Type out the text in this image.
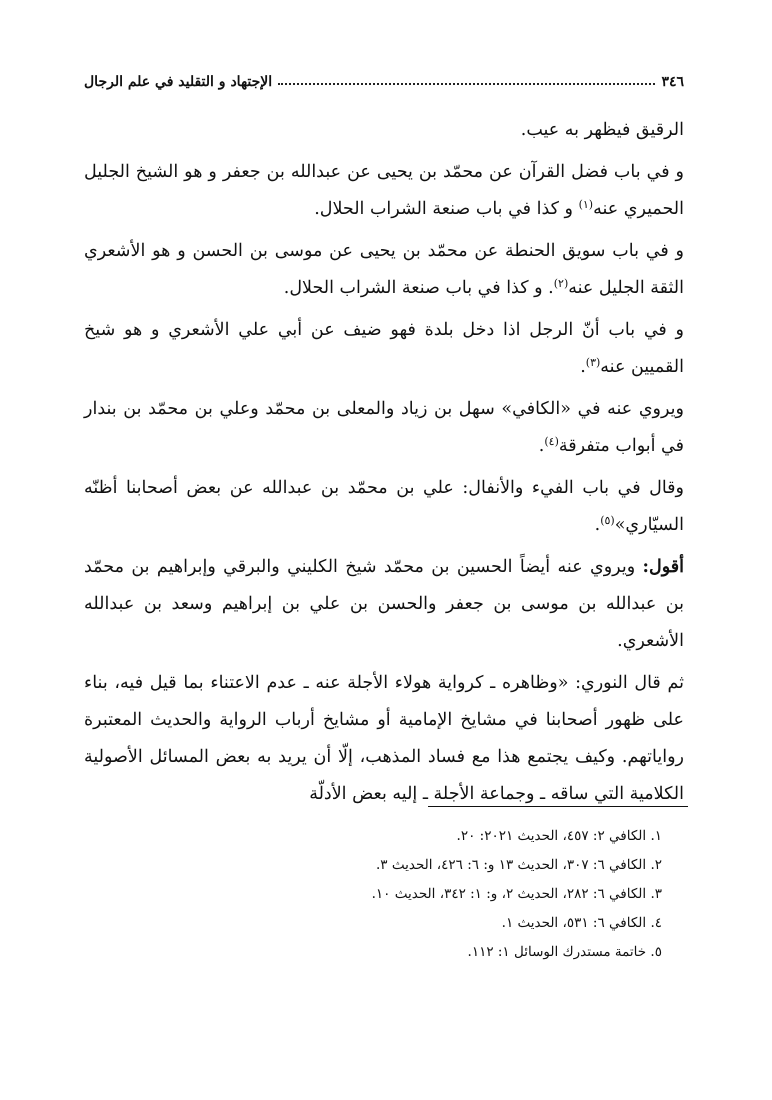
٣٤٦
الإجتهاد و التقليد في علم الرجال

الرقيق فيظهر به عيب.

و في باب فضل القرآن عن محمّد بن يحيى عن عبدالله بن جعفر و هو الشيخ الجليل الحميري عنه$^{(١)}$ و كذا في باب صنعة الشراب الحلال.

و في باب سويق الحنطة عن محمّد بن يحيى عن موسى بن الحسن و هو الأشعري الثقة الجليل عنه$^{(٢)}$. و كذا في باب صنعة الشراب الحلال.

و في باب أنّ الرجل اذا دخل بلدة فهو ضيف عن أبي علي الأشعري و هو شيخ القميين عنه$^{(٣)}$.

ويروي عنه في «الكافي» سهل بن زياد والمعلى بن محمّد وعلي بن محمّد بن بندار في أبواب متفرقة$^{(٤)}$.

وقال في باب الفيء والأنفال: علي بن محمّد بن عبدالله عن بعض أصحابنا أظنّه السيّاري»$^{(٥)}$.

أقول: ويروي عنه أيضاً الحسين بن محمّد شيخ الكليني والبرقي وإبراهيم بن محمّد بن عبدالله بن موسى بن جعفر والحسن بن علي بن إبراهيم وسعد بن عبدالله الأشعري.

ثم قال النوري: «وظاهره ـ كرواية هولاء الأجلة عنه ـ عدم الاعتناء بما قيل فيه، بناء على ظهور أصحابنا في مشايخ الإمامية أو مشايخ أرباب الرواية والحديث المعتبرة رواياتهم. وكيف يجتمع هذا مع فساد المذهب، إلّا أن يريد به بعض المسائل الأصولية الكلامية التي ساقه ـ وجماعة الأجلة ـ إليه بعض الأدلّة

١. الكافي ٢: ٤٥٧، الحديث ٢٠٢١: ٢٠.

٢. الكافي ٦: ٣٠٧، الحديث ١٣ و: ٦: ٤٢٦، الحديث ٣.

٣. الكافي ٦: ٢٨٢، الحديث ٢، و: ١: ٣٤٢، الحديث ١٠.

٤. الكافي ٦: ٥٣١، الحديث ١.

٥. خاتمة مستدرك الوسائل ١: ١١٢.
